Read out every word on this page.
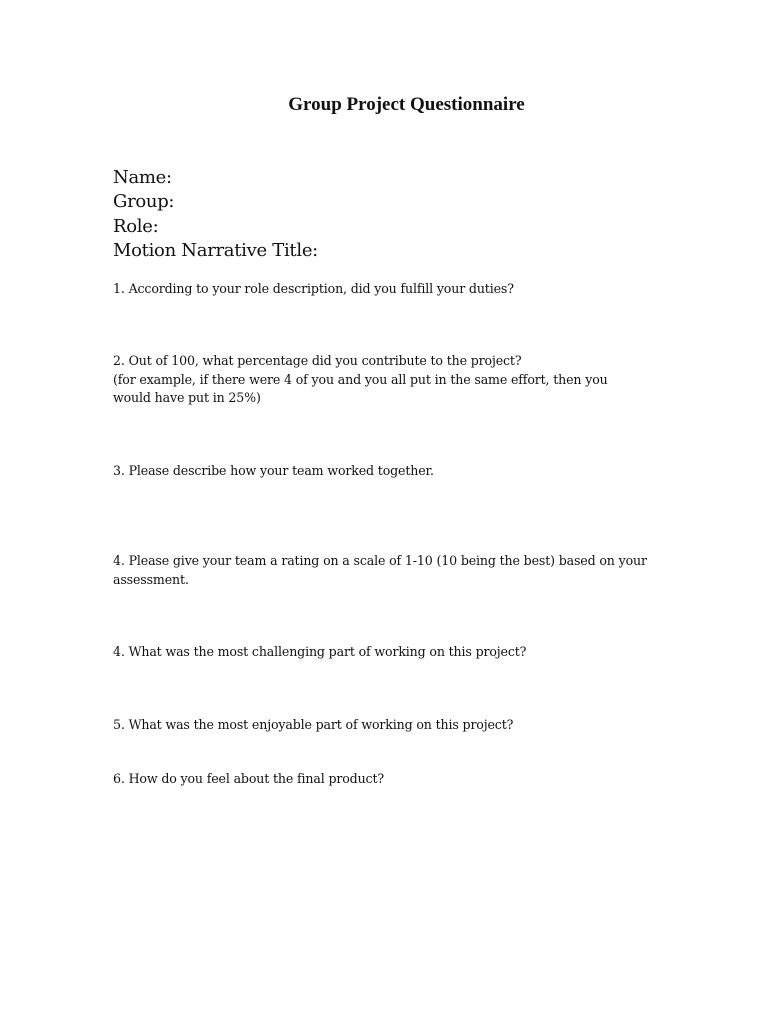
Group Project Questionnaire
Name:
Group:
Role:
Motion Narrative Title:
1. According to your role description, did you fulfill your duties?
2. Out of 100, what percentage did you contribute to the project?
(for example, if there were 4 of you and you all put in the same effort, then you
would have put in 25%)
3. Please describe how your team worked together.
4. Please give your team a rating on a scale of 1-10 (10 being the best) based on your
assessment.
4. What was the most challenging part of working on this project?
5. What was the most enjoyable part of working on this project?
6. How do you feel about the final product?
